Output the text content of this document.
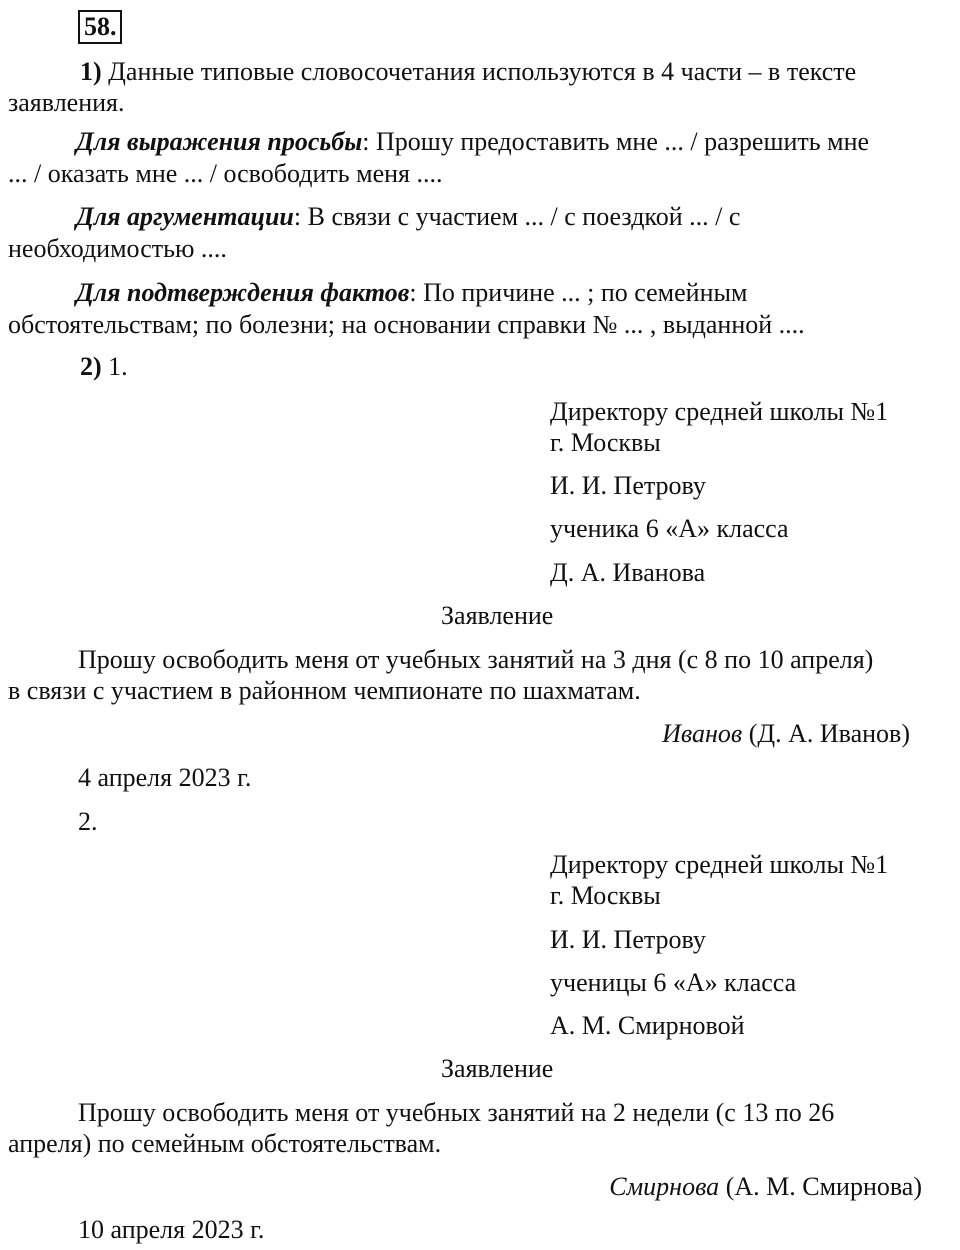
58.
1) Данные типовые словосочетания используются в 4 части – в тексте
заявления.
Для выражения просьбы: Прошу предоставить мне ... / разрешить мне
... / оказать мне ... / освободить меня ....
Для аргументации: В связи с участием ... / с поездкой ... / с
необходимостью ....
Для подтверждения фактов: По причине ... ; по семейным
обстоятельствам; по болезни; на основании справки № ... , выданной ....
2) 1.
Директору средней школы №1
г. Москвы
И. И. Петрову
ученика 6 «А» класса
Д. А. Иванова
Заявление
Прошу освободить меня от учебных занятий на 3 дня (с 8 по 10 апреля)
в связи с участием в районном чемпионате по шахматам.
Иванов (Д. А. Иванов)
4 апреля 2023 г.
2.
Директору средней школы №1
г. Москвы
И. И. Петрову
ученицы 6 «А» класса
А. М. Смирновой
Заявление
Прошу освободить меня от учебных занятий на 2 недели (с 13 по 26
апреля) по семейным обстоятельствам.
Смирнова (А. М. Смирнова)
10 апреля 2023 г.
